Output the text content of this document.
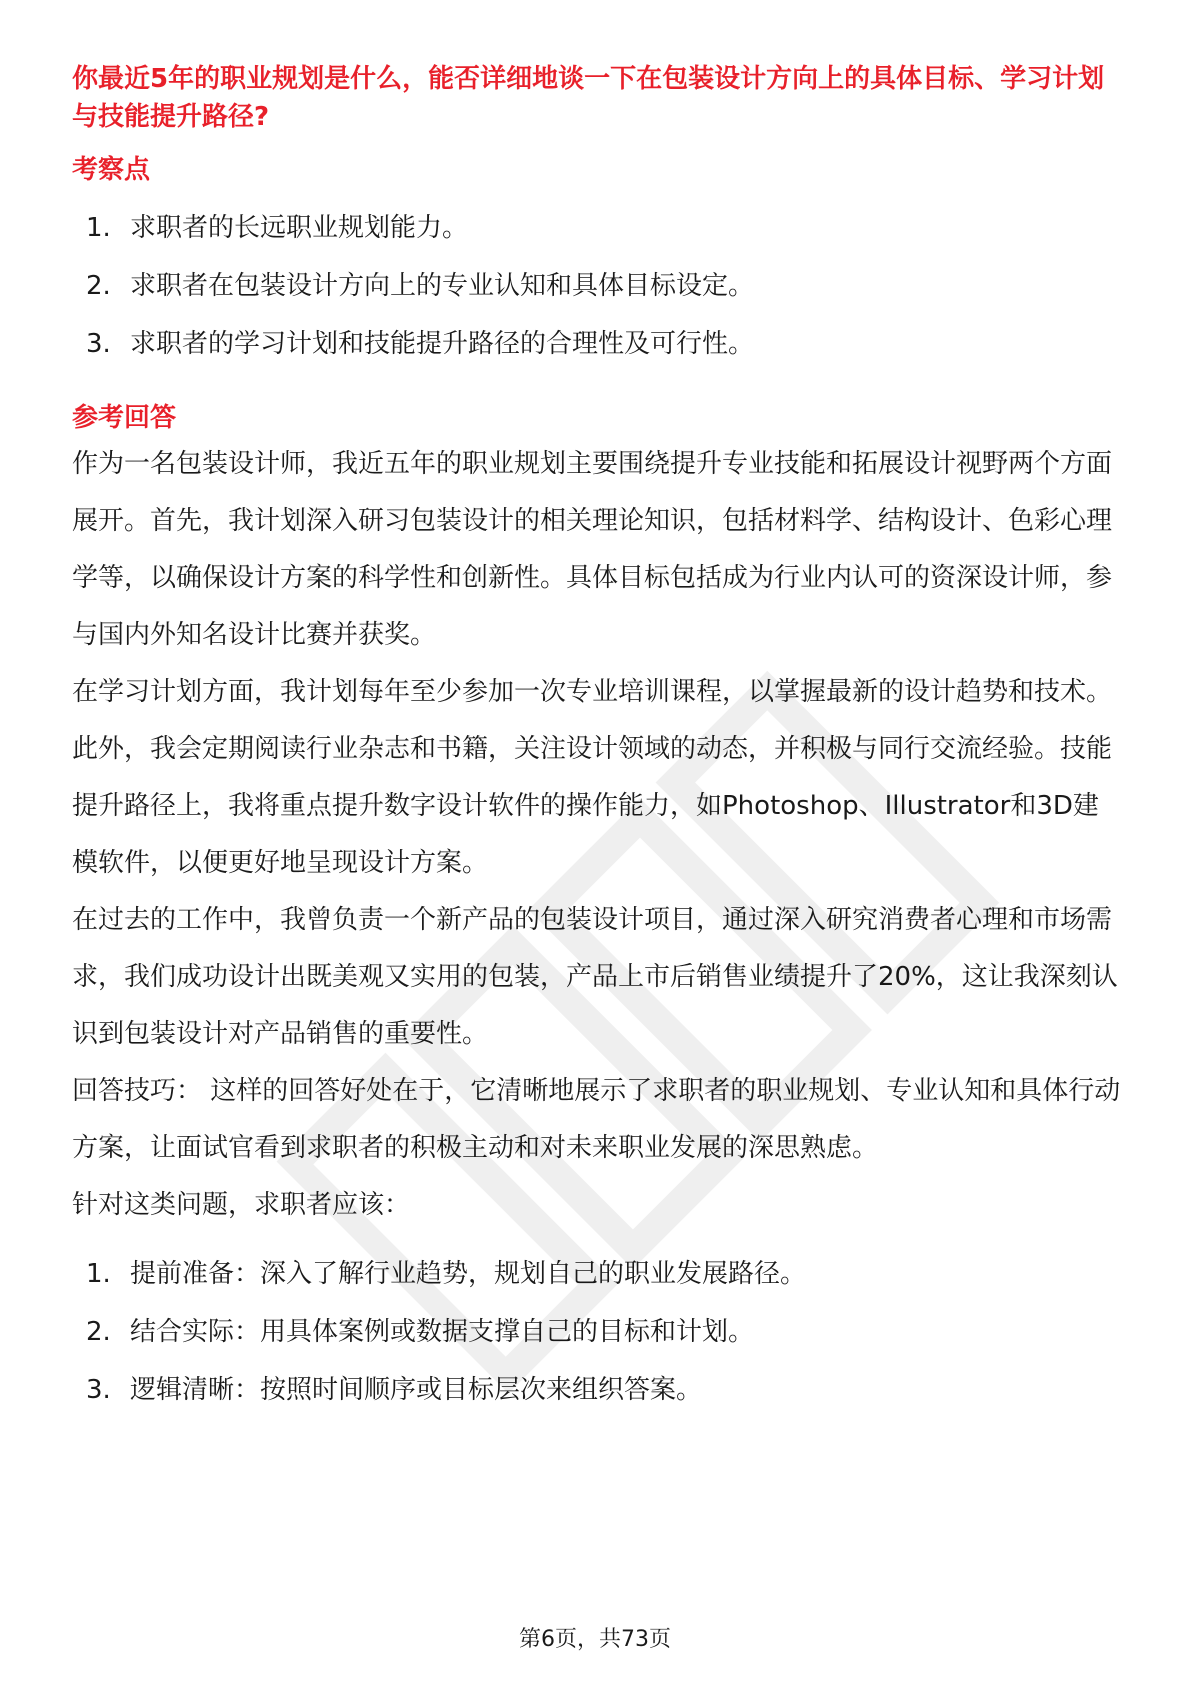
你最近5年的职业规划是什么，能否详细地谈一下在包装设计方向上的具体目标、学习计划与技能提升路径?
考察点
1. 求职者的长远职业规划能力。
2. 求职者在包装设计方向上的专业认知和具体目标设定。
3. 求职者的学习计划和技能提升路径的合理性及可行性。
参考回答

作为一名包装设计师，我近五年的职业规划主要围绕提升专业技能和拓展设计视野两个方面展开。首先，我计划深入研习包装设计的相关理论知识，包括材料学、结构设计、色彩心理学等，以确保设计方案的科学性和创新性。具体目标包括成为行业内认可的资深设计师，参与国内外知名设计比赛并获奖。

在学习计划方面，我计划每年至少参加一次专业培训课程，以掌握最新的设计趋势和技术。此外，我会定期阅读行业杂志和书籍，关注设计领域的动态，并积极与同行交流经验。技能提升路径上，我将重点提升数字设计软件的操作能力，如Photoshop、Illustrator和3D建模软件，以便更好地呈现设计方案。

在过去的工作中，我曾负责一个新产品的包装设计项目，通过深入研究消费者心理和市场需求，我们成功设计出既美观又实用的包装，产品上市后销售业绩提升了20%，这让我深刻认识到包装设计对产品销售的重要性。

回答技巧： 这样的回答好处在于，它清晰地展示了求职者的职业规划、专业认知和具体行动方案，让面试官看到求职者的积极主动和对未来职业发展的深思熟虑。

针对这类问题，求职者应该：

1. 提前准备：深入了解行业趋势，规划自己的职业发展路径。
2. 结合实际：用具体案例或数据支撑自己的目标和计划。
3. 逻辑清晰：按照时间顺序或目标层次来组织答案。
第6页，共73页
